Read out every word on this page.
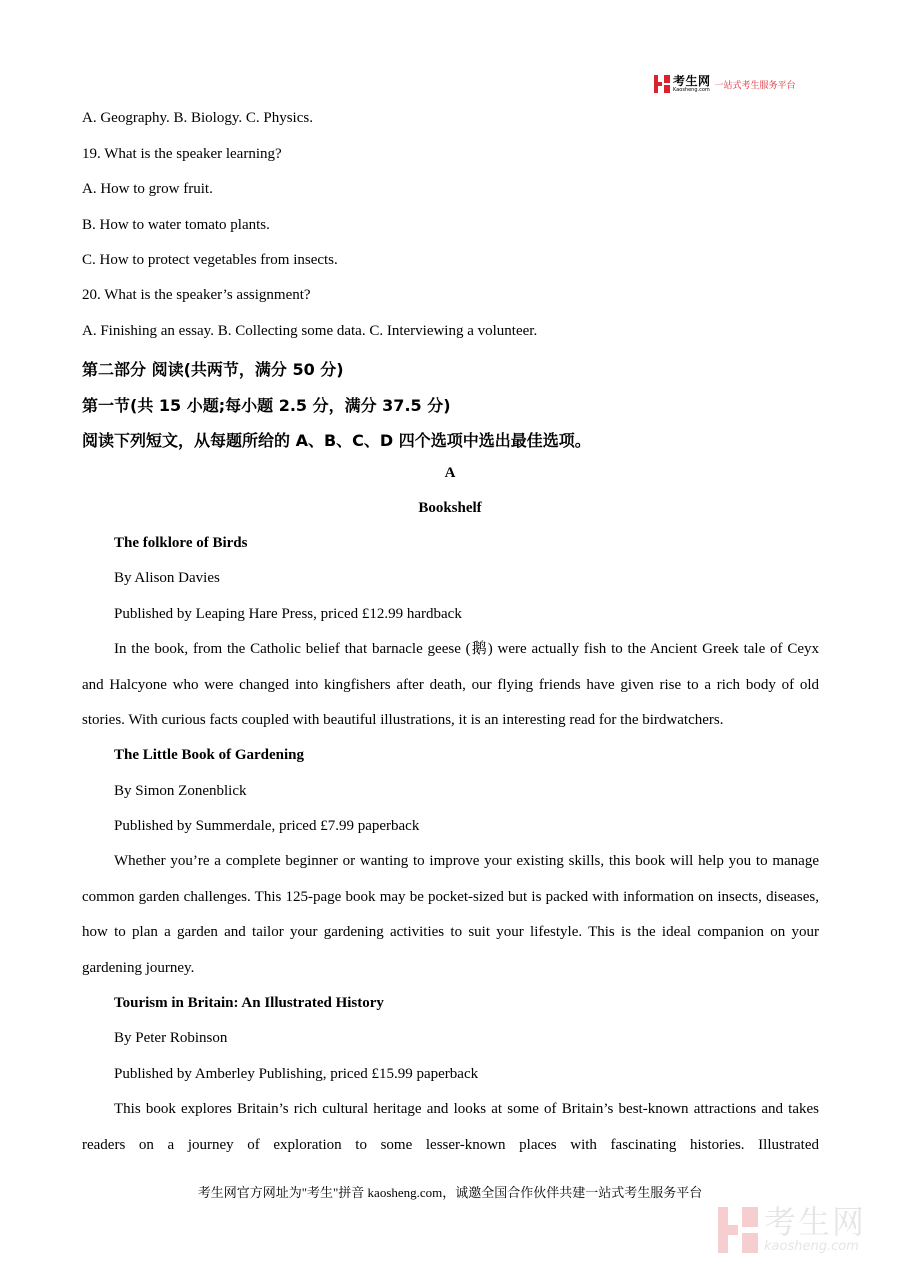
考生网
Kaosheng.com 一站式考生服务平台
A. Geography. B. Biology. C. Physics.
19. What is the speaker learning?
A. How to grow fruit.
B. How to water tomato plants.
C. How to protect vegetables from insects.
20. What is the speaker’s assignment?
A. Finishing an essay. B. Collecting some data. C. Interviewing a volunteer.
第二部分 阅读(共两节，满分 50 分)
第一节(共 15 小题;每小题 2.5 分，满分 37.5 分)
阅读下列短文，从每题所给的 A、B、C、D 四个选项中选出最佳选项。
A
Bookshelf
The folklore of Birds
By Alison Davies
Published by Leaping Hare Press, priced £12.99 hardback
In the book, from the Catholic belief that barnacle geese (鹅) were actually fish to the Ancient Greek tale of Ceyx and Halcyone who were changed into kingfishers after death, our flying friends have given rise to a rich body of old stories. With curious facts coupled with beautiful illustrations, it is an interesting read for the birdwatchers.
The Little Book of Gardening
By Simon Zonenblick
Published by Summerdale, priced £7.99 paperback
Whether you’re a complete beginner or wanting to improve your existing skills, this book will help you to manage common garden challenges. This 125-page book may be pocket-sized but is packed with information on insects, diseases, how to plan a garden and tailor your gardening activities to suit your lifestyle. This is the ideal companion on your gardening journey.
Tourism in Britain: An Illustrated History
By Peter Robinson
Published by Amberley Publishing, priced £15.99 paperback
This book explores Britain’s rich cultural heritage and looks at some of Britain’s best-known attractions and takes readers on a journey of exploration to some lesser-known places with fascinating histories. Illustrated
考生网官方网址为"考生"拼音 kaosheng.com，诚邀全国合作伙伴共建一站式考生服务平台
考生网
kaosheng.com
